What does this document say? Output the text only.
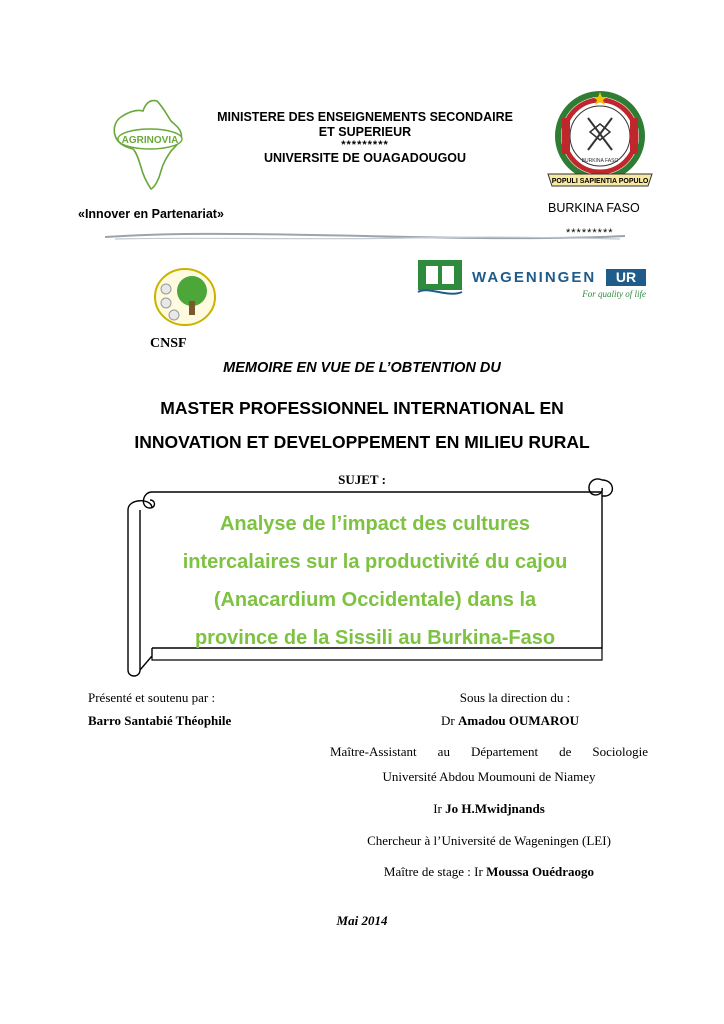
AGRINOVIA
MINISTERE DES ENSEIGNEMENTS SECONDAIRE
ET SUPERIEUR
*********
UNIVERSITE DE OUAGADOUGOU	BURKINA FASO
POPULI SAPIENTIA POPULO
«Innover en Partenariat»	BURKINA FASO
*********
CNSF
WAGENINGEN UR
For quality of life
MEMOIRE EN VUE DE L’OBTENTION DU
MASTER PROFESSIONNEL INTERNATIONAL EN
INNOVATION ET DEVELOPPEMENT EN MILIEU RURAL
SUJET :
Analyse de l’impact des cultures
intercalaires sur la productivité du cajou
(Anacardium Occidentale) dans la
province de la Sissili au Burkina-Faso
Présenté et soutenu par :
Barro Santabié Théophile
Sous la direction du :
Dr Amadou OUMAROU
Maître-Assistant au Département de Sociologie
Université Abdou Moumouni de Niamey
Ir Jo H.Mwidjnands
Chercheur à l’Université de Wageningen (LEI)
Maître de stage : Ir Moussa Ouédraogo
Mai 2014
